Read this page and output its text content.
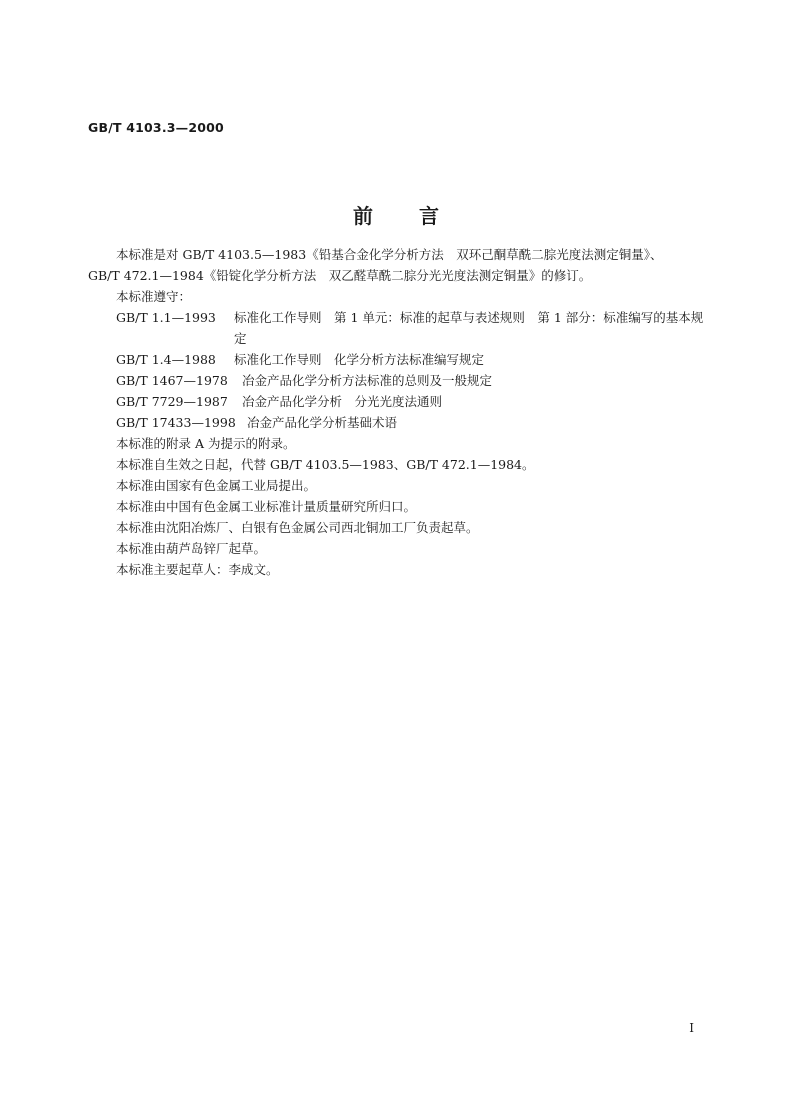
GB/T 4103.3—2000
前言
本标准是对 GB/T 4103.5—1983《铅基合金化学分析方法　双环己酮草酰二腙光度法测定铜量》、
GB/T 472.1—1984《铅锭化学分析方法　双乙醛草酰二腙分光光度法测定铜量》的修订。
本标准遵守：
GB/T 1.1—1993	标准化工作导则　第 1 单元：标准的起草与表述规则　第 1 部分：标准编写的基本规定
GB/T 1.4—1988	标准化工作导则　化学分析方法标准编写规定
GB/T 1467—1978	冶金产品化学分析方法标准的总则及一般规定
GB/T 7729—1987	冶金产品化学分析　分光光度法通则
GB/T 17433—1998 冶金产品化学分析基础术语
本标准的附录 A 为提示的附录。
本标准自生效之日起，代替 GB/T 4103.5—1983、GB/T 472.1—1984。
本标准由国家有色金属工业局提出。
本标准由中国有色金属工业标准计量质量研究所归口。
本标准由沈阳冶炼厂、白银有色金属公司西北铜加工厂负责起草。
本标准由葫芦岛锌厂起草。
本标准主要起草人：李成文。
I
